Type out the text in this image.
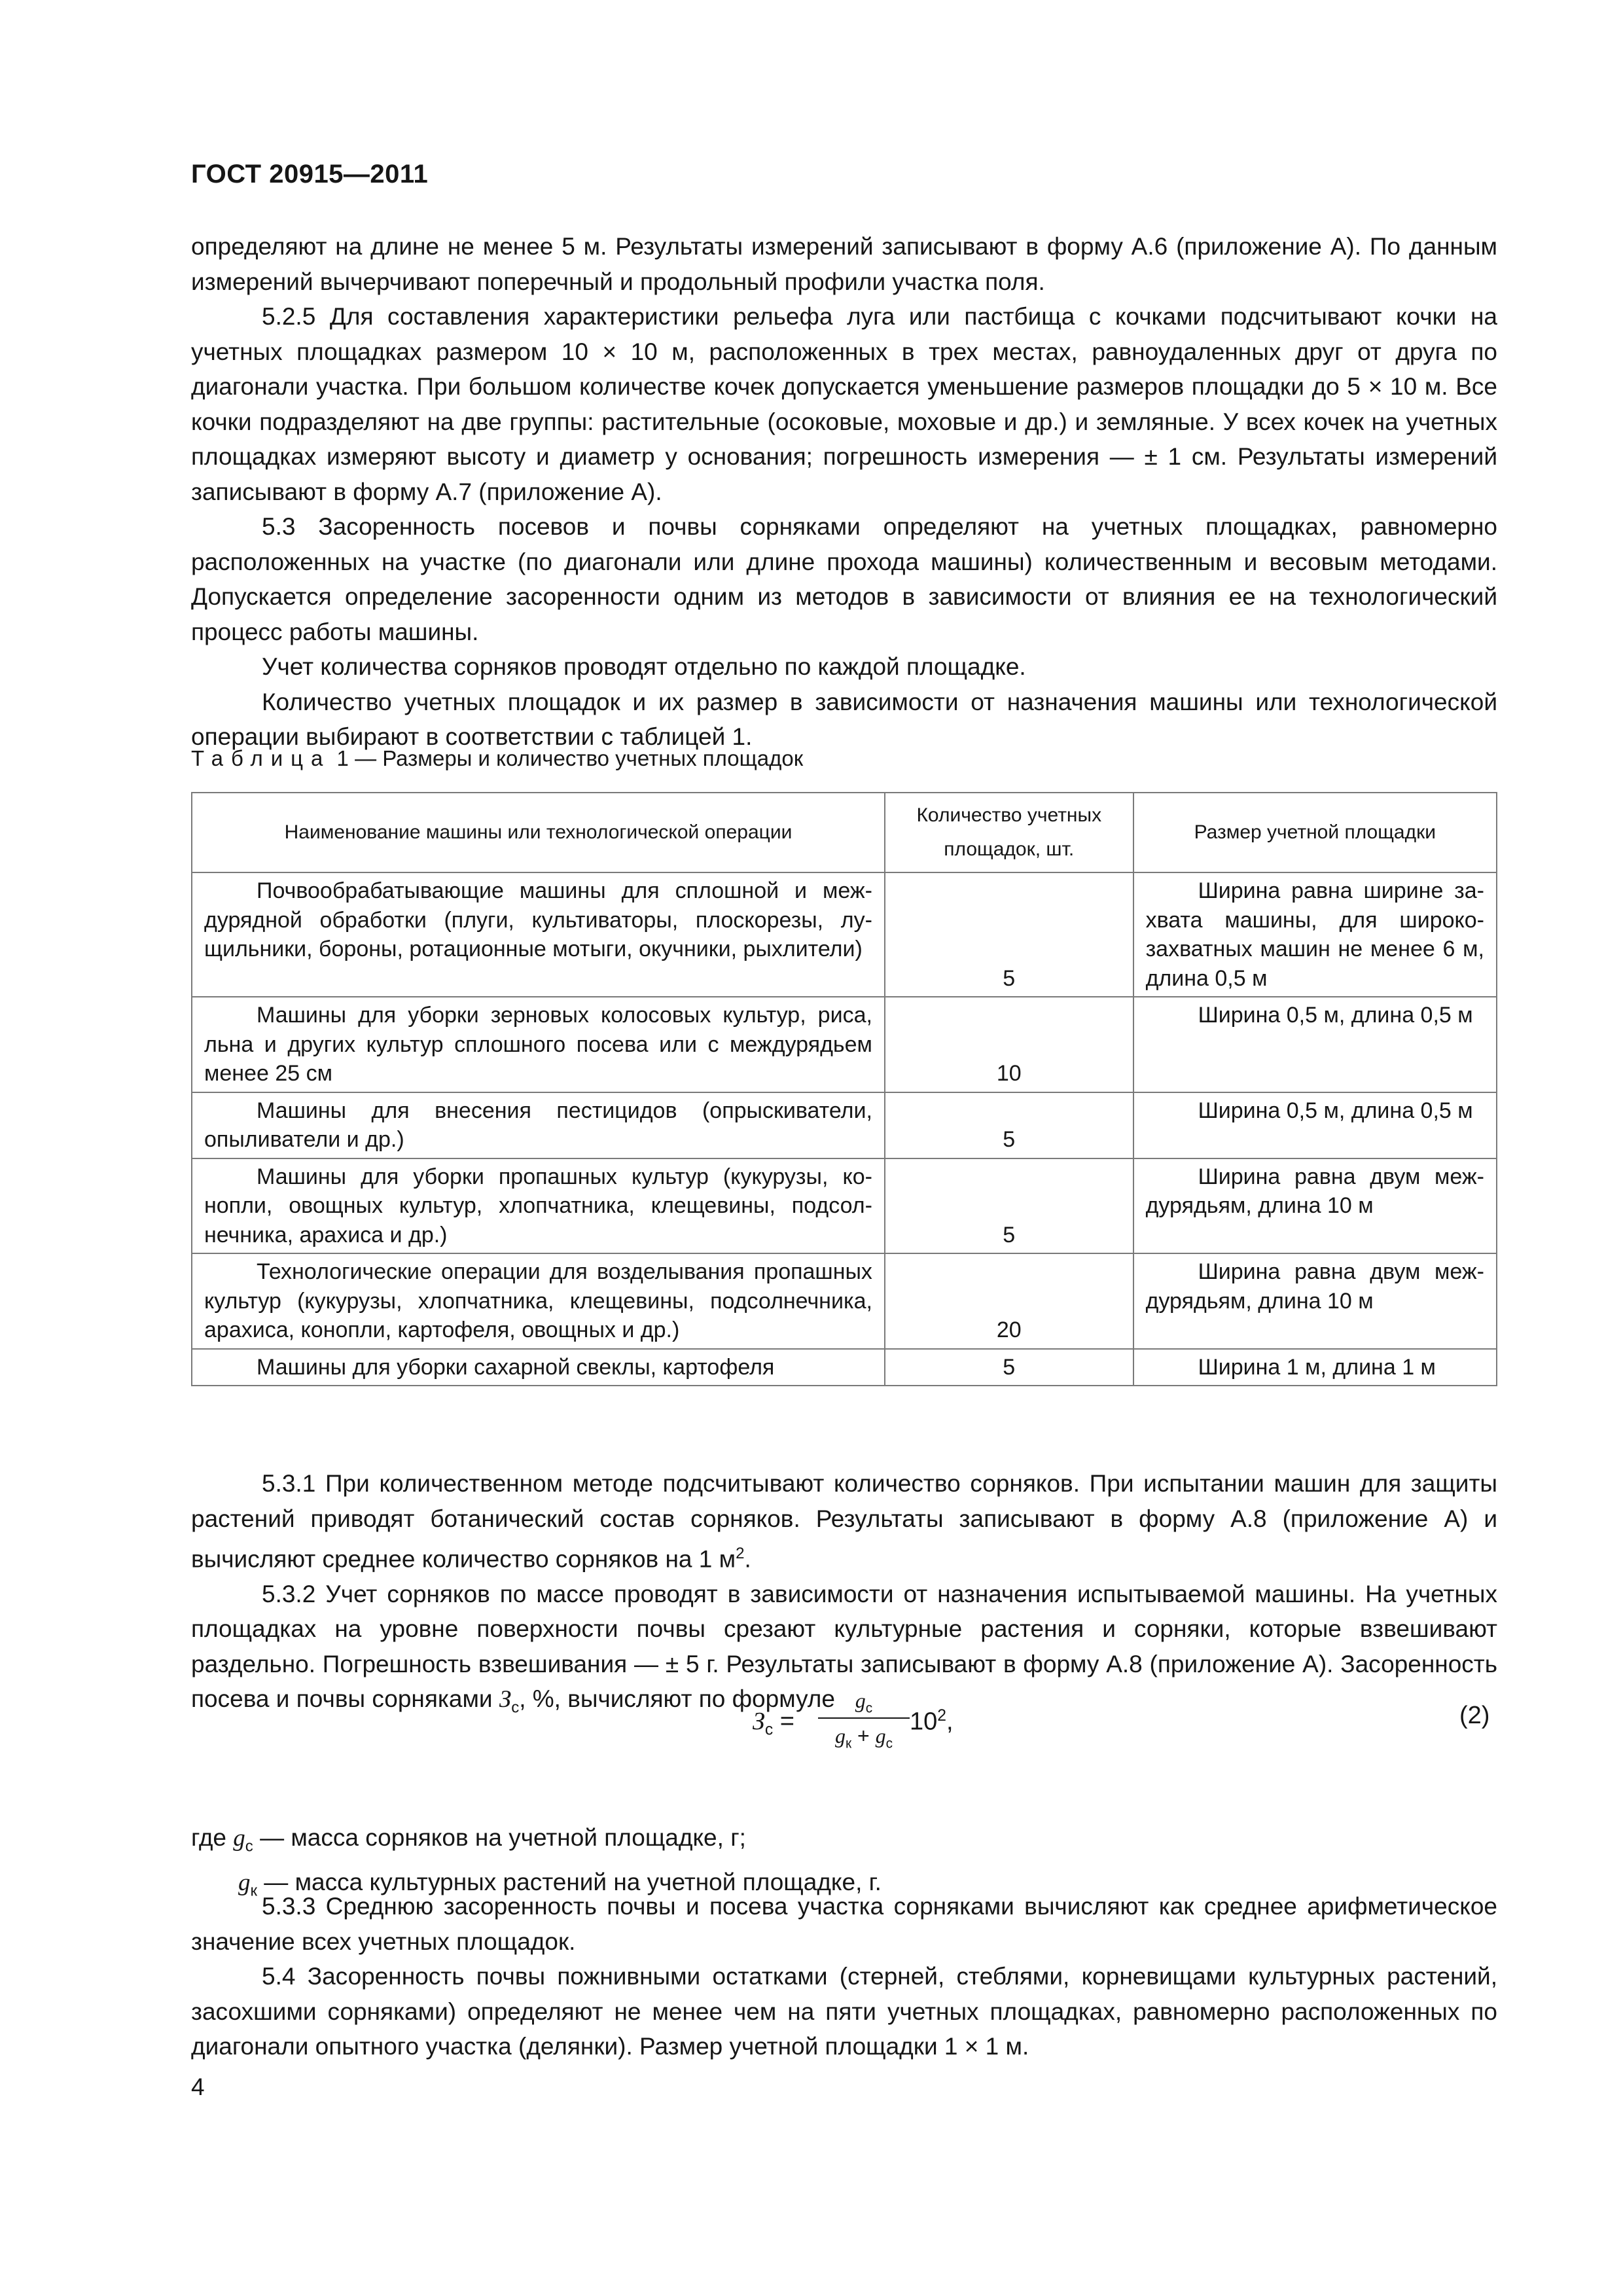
ГОСТ 20915—2011

определяют на длине не менее 5 м. Результаты измерений записывают в форму А.6 (приложение А). По данным измерений вычерчивают поперечный и продольный профили участка поля.

5.2.5 Для составления характеристики рельефа луга или пастбища с кочками подсчитывают кочки на учетных площадках размером 10 × 10 м, расположенных в трех местах, равноудаленных друг от друга по диагонали участка. При большом количестве кочек допускается уменьшение размеров площадки до 5 × 10 м. Все кочки подразделяют на две группы: растительные (осоковые, моховые и др.) и земляные. У всех кочек на учетных площадках измеряют высоту и диаметр у основания; погрешность измерения — ± 1 см. Результаты измерений записывают в форму А.7 (приложение А).

5.3 Засоренность посевов и почвы сорняками определяют на учетных площадках, равномерно расположенных на участке (по диагонали или длине прохода машины) количественным и весовым методами. Допускается определение засоренности одним из методов в зависимости от влияния ее на технологический процесс работы машины.

Учет количества сорняков проводят отдельно по каждой площадке.

Количество учетных площадок и их размер в зависимости от назначения машины или технологической операции выбирают в соответствии с таблицей 1.

Таблица 1 — Размеры и количество учетных площадок
Наименование машины или технологической операции	Количество учетных площадок, шт.	Размер учетной площадки
Почвообрабатывающие машины для сплошной и междурядной обработки (плуги, культиваторы, плоскорезы, лущильники, бороны, ротационные мотыги, окучники, рыхлители)	5	Ширина равна ширине захвата машины, для широкозахватных машин не менее 6 м, длина 0,5 м
Машины для уборки зерновых колосовых культур, риса, льна и других культур сплошного посева или с междурядьем менее 25 см	10	Ширина 0,5 м, длина 0,5 м
Машины для внесения пестицидов (опрыскиватели, опыливатели и др.)	5	Ширина 0,5 м, длина 0,5 м
Машины для уборки пропашных культур (кукурузы, конопли, овощных культур, хлопчатника, клещевины, подсолнечника, арахиса и др.)	5	Ширина равна двум междурядьям, длина 10 м
Технологические операции для возделывания пропашных культур (кукурузы, хлопчатника, клещевины, подсолнечника, арахиса, конопли, картофеля, овощных и др.)	20	Ширина равна двум междурядьям, длина 10 м
Машины для уборки сахарной свеклы, картофеля	5	Ширина 1 м, длина 1 м

5.3.1 При количественном методе подсчитывают количество сорняков. При испытании машин для защиты растений приводят ботанический состав сорняков. Результаты записывают в форму А.8 (приложение А) и вычисляют среднее количество сорняков на 1 $м^2$.

5.3.2 Учет сорняков по массе проводят в зависимости от назначения испытываемой машины. На учетных площадках на уровне поверхности почвы срезают культурные растения и сорняки, которые взвешивают раздельно. Погрешность взвешивания — ± 5 г. Результаты записывают в форму А.8 (приложение А). Засоренность посева и почвы сорняками $З_с$, %, вычисляют по формуле

$З_с$ =
$g_с$
$g_к + g_с$
$10^2$,	(2)
где $g_с$ — масса сорняков на учетной площадке, г;
$g_к$ — масса культурных растений на учетной площадке, г.

5.3.3 Среднюю засоренность почвы и посева участка сорняками вычисляют как среднее арифметическое значение всех учетных площадок.

5.4 Засоренность почвы пожнивными остатками (стерней, стеблями, корневищами культурных растений, засохшими сорняками) определяют не менее чем на пяти учетных площадках, равномерно расположенных по диагонали опытного участка (делянки). Размер учетной площадки 1 × 1 м.

4
